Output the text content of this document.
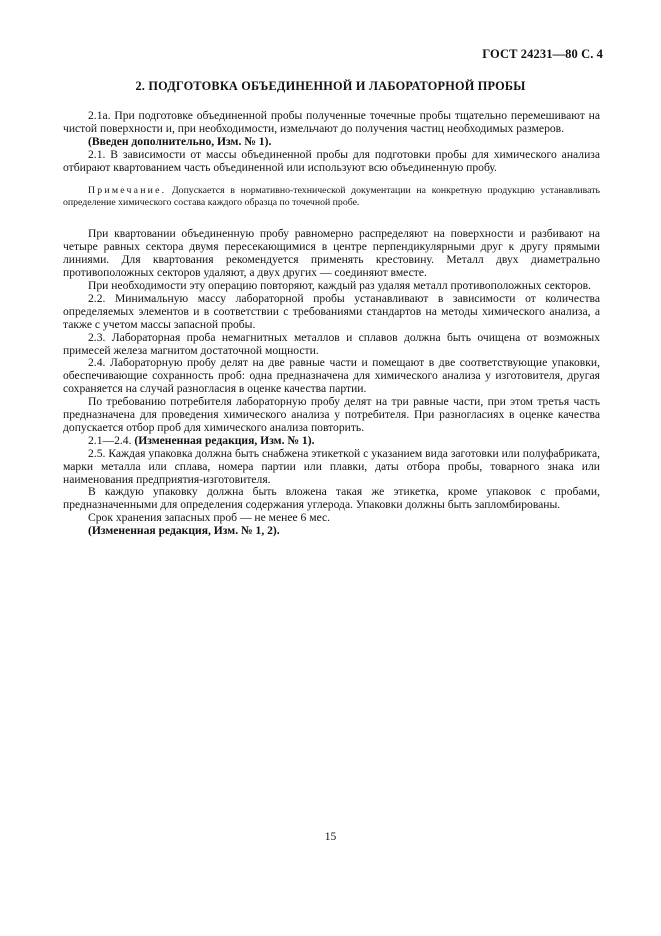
ГОСТ 24231—80 С. 4
2. ПОДГОТОВКА ОБЪЕДИНЕННОЙ И ЛАБОРАТОРНОЙ ПРОБЫ

2.1а. При подготовке объединенной пробы полученные точечные пробы тщательно перемешивают на чистой поверхности и, при необходимости, измельчают до получения частиц необходимых размеров.

(Введен дополнительно, Изм. № 1).

2.1. В зависимости от массы объединенной пробы для подготовки пробы для химического анализа отбирают квартованием часть объединенной или используют всю объединенную пробу.

Примечание. Допускается в нормативно-технической документации на конкретную продукцию устанавливать определение химического состава каждого образца по точечной пробе.

При квартовании объединенную пробу равномерно распределяют на поверхности и разбивают на четыре равных сектора двумя пересекающимися в центре перпендикулярными друг к другу прямыми линиями. Для квартования рекомендуется применять крестовину. Металл двух диаметрально противоположных секторов удаляют, а двух других — соединяют вместе.

При необходимости эту операцию повторяют, каждый раз удаляя металл противоположных секторов.

2.2. Минимальную массу лабораторной пробы устанавливают в зависимости от количества определяемых элементов и в соответствии с требованиями стандартов на методы химического анализа, а также с учетом массы запасной пробы.

2.3. Лабораторная проба немагнитных металлов и сплавов должна быть очищена от возможных примесей железа магнитом достаточной мощности.

2.4. Лабораторную пробу делят на две равные части и помещают в две соответствующие упаковки, обеспечивающие сохранность проб: одна предназначена для химического анализа у изготовителя, другая сохраняется на случай разногласия в оценке качества партии.

По требованию потребителя лабораторную пробу делят на три равные части, при этом третья часть предназначена для проведения химического анализа у потребителя. При разногласиях в оценке качества допускается отбор проб для химического анализа повторить.

2.1—2.4. (Измененная редакция, Изм. № 1).

2.5. Каждая упаковка должна быть снабжена этикеткой с указанием вида заготовки или полуфабриката, марки металла или сплава, номера партии или плавки, даты отбора пробы, товарного знака или наименования предприятия-изготовителя.

В каждую упаковку должна быть вложена такая же этикетка, кроме упаковок с пробами, предназначенными для определения содержания углерода. Упаковки должны быть запломбированы.

Срок хранения запасных проб — не менее 6 мес.

(Измененная редакция, Изм. № 1, 2).

15
